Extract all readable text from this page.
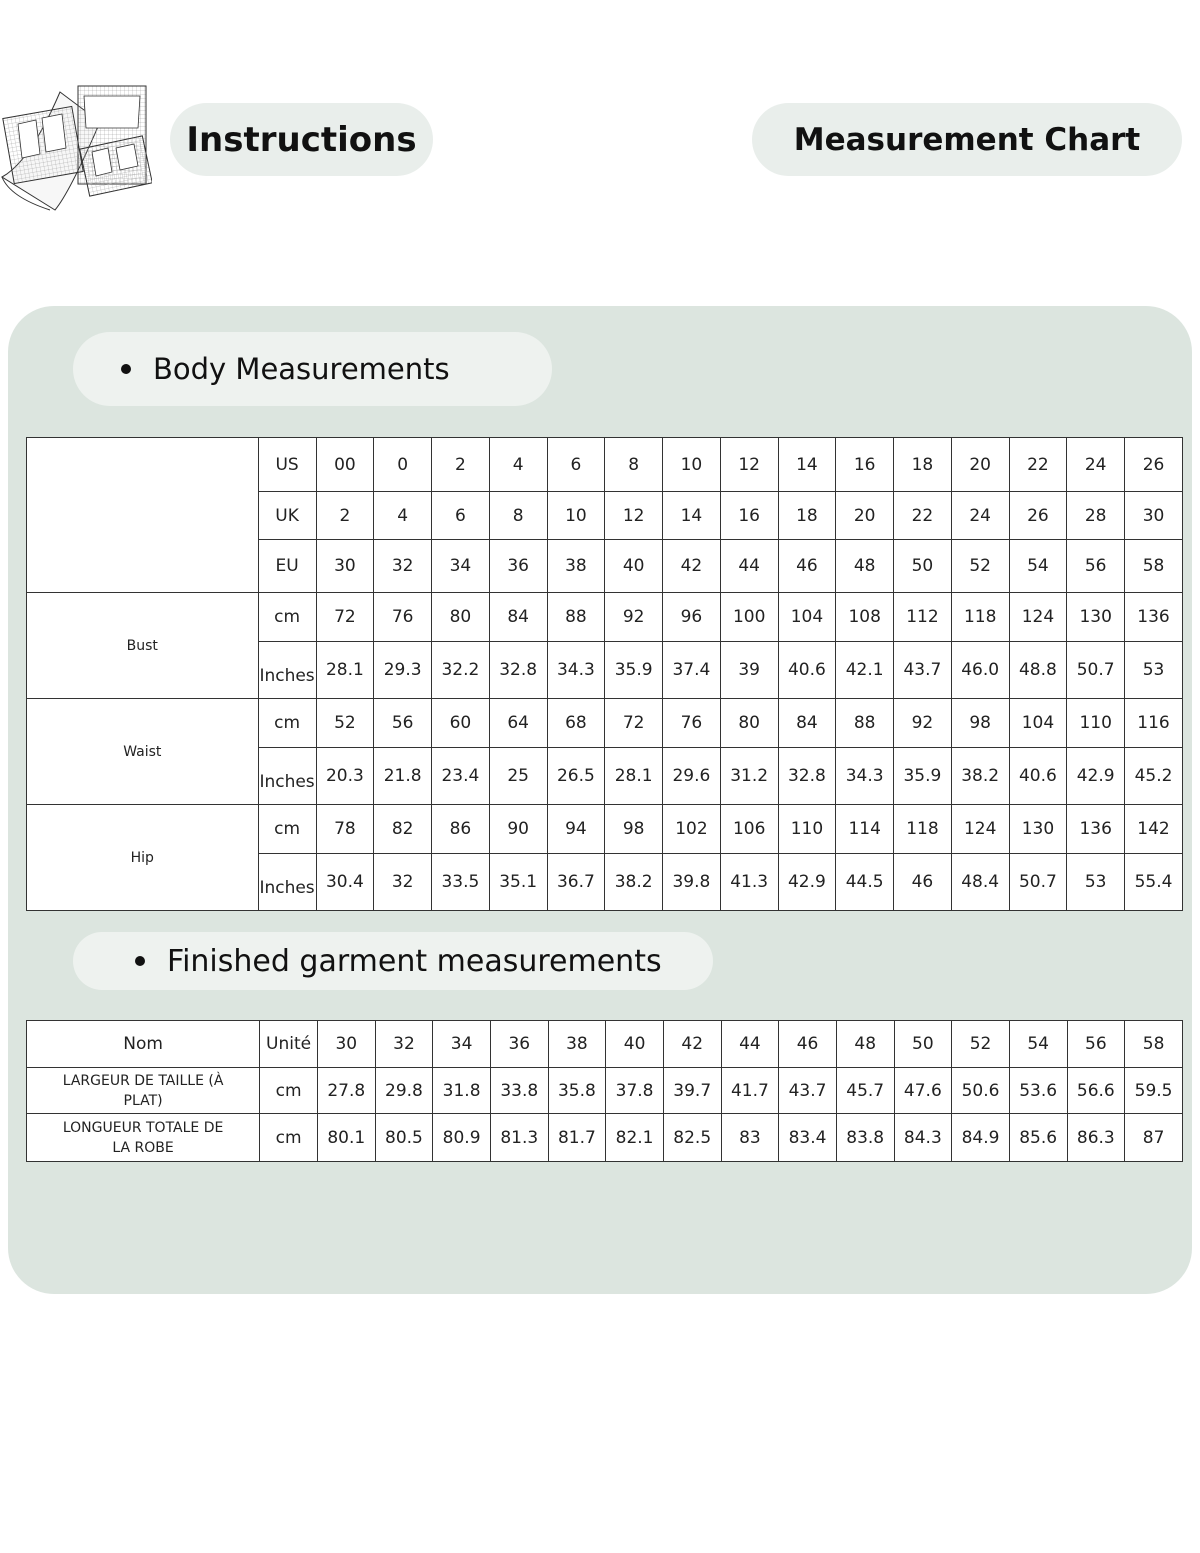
Instructions	Measurement Chart
Body Measurements
	US	00	0	2	4	6	8	10	12	14	16	18	20	22	24	26
	UK	2	4	6	8	10	12	14	16	18	20	22	24	26	28	30
	EU	30	32	34	36	38	40	42	44	46	48	50	52	54	56	58
Bust	cm	72	76	80	84	88	92	96	100	104	108	112	118	124	130	136
	Inches	28.1	29.3	32.2	32.8	34.3	35.9	37.4	39	40.6	42.1	43.7	46.0	48.8	50.7	53
Waist	cm	52	56	60	64	68	72	76	80	84	88	92	98	104	110	116
	Inches	20.3	21.8	23.4	25	26.5	28.1	29.6	31.2	32.8	34.3	35.9	38.2	40.6	42.9	45.2
Hip	cm	78	82	86	90	94	98	102	106	110	114	118	124	130	136	142
	Inches	30.4	32	33.5	35.1	36.7	38.2	39.8	41.3	42.9	44.5	46	48.4	50.7	53	55.4
Finished garment measurements
Nom	Unité	30	32	34	36	38	40	42	44	46	48	50	52	54	56	58
LARGEUR DE TAILLE (À PLAT)	cm	27.8	29.8	31.8	33.8	35.8	37.8	39.7	41.7	43.7	45.7	47.6	50.6	53.6	56.6	59.5
LONGUEUR TOTALE DE LA ROBE	cm	80.1	80.5	80.9	81.3	81.7	82.1	82.5	83	83.4	83.8	84.3	84.9	85.6	86.3	87
